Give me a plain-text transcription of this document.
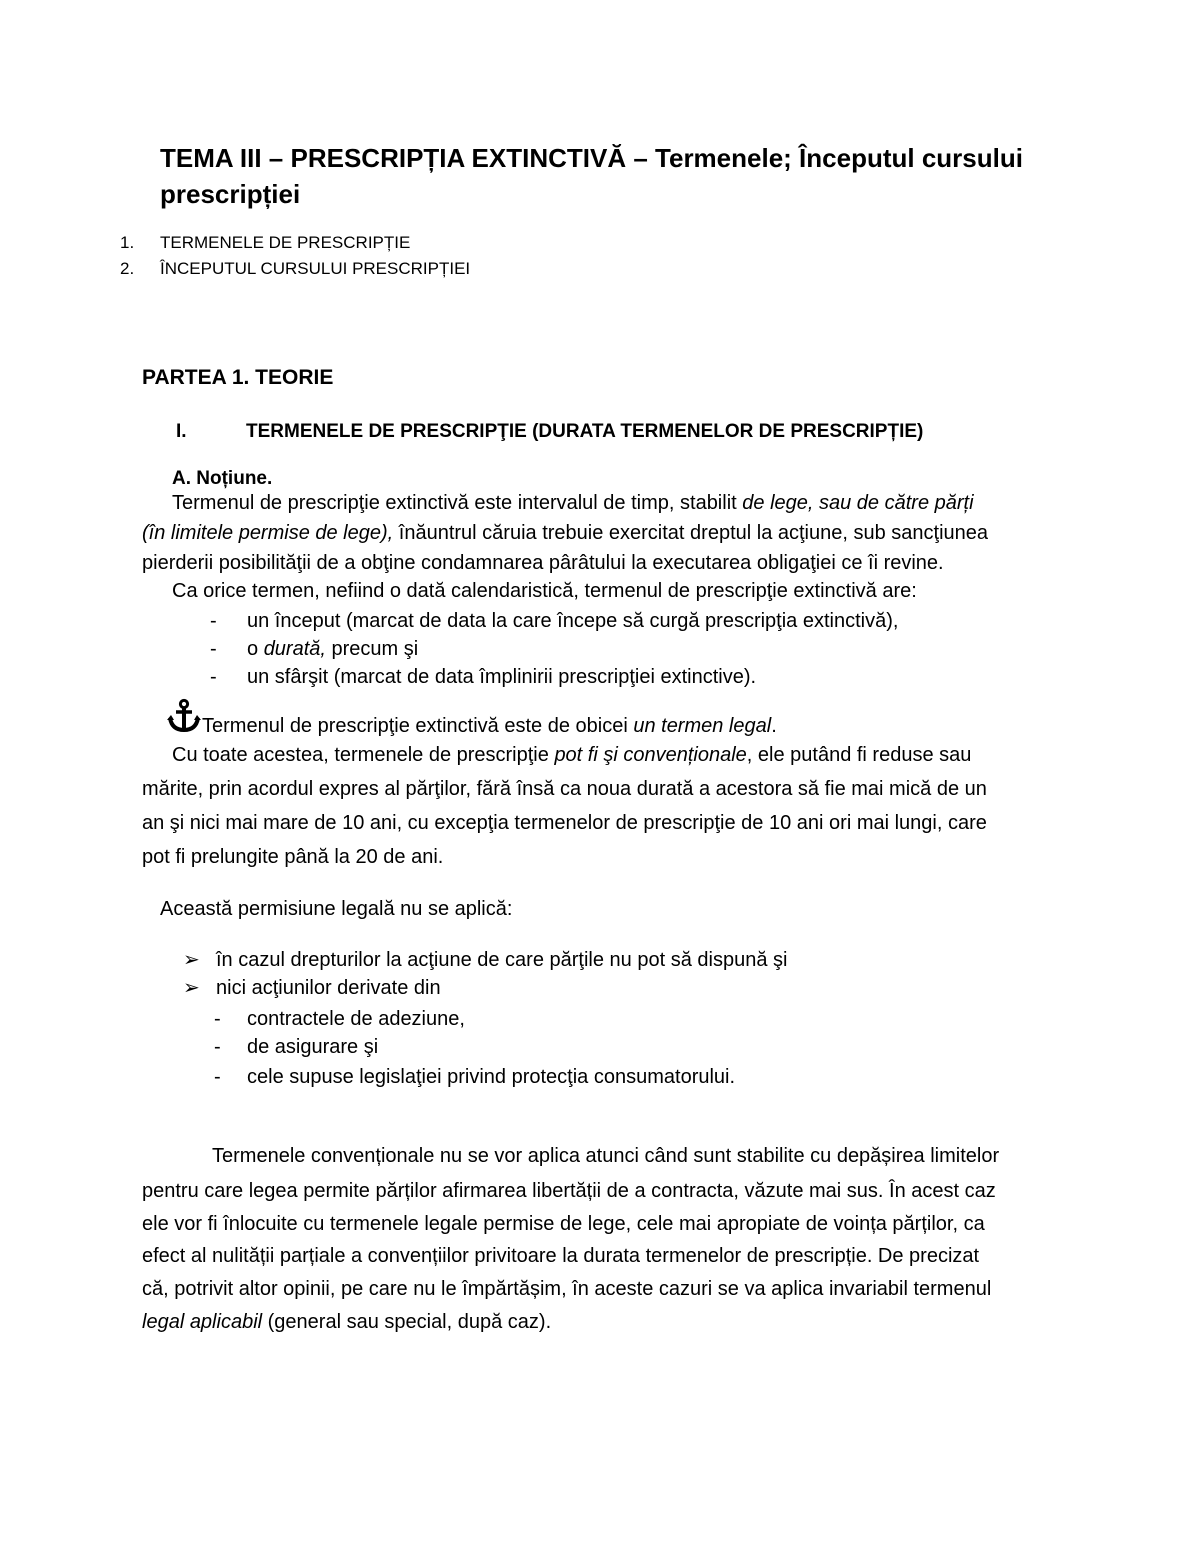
TEMA III – PRESCRIPȚIA EXTINCTIVĂ – Termenele; Începutul cursului
prescripției
1. TERMENELE DE PRESCRIPȚIE
2. ÎNCEPUTUL CURSULUI PRESCRIPȚIEI
PARTEA 1. TEORIE
I.	TERMENELE DE PRESCRIPŢIE (DURATA TERMENELOR DE PRESCRIPȚIE)
A. Noțiune.

Termenul de prescripţie extinctivă este intervalul de timp, stabilit de lege, sau de către părți

(în limitele permise de lege), înăuntrul căruia trebuie exercitat dreptul la acţiune, sub sancţiunea

pierderii posibilităţii de a obţine condamnarea pârâtului la executarea obligaţiei ce îi revine.

Ca orice termen, nefiind o dată calendaristică, termenul de prescripţie extinctivă are:

- un început (marcat de data la care începe să curgă prescripţia extinctivă),

- o durată, precum şi

- un sfârşit (marcat de data împlinirii prescripţiei extinctive).

Termenul de prescripţie extinctivă este de obicei un termen legal.

Cu toate acestea, termenele de prescripţie pot fi şi convenționale, ele putând fi reduse sau

mărite, prin acordul expres al părţilor, fără însă ca noua durată a acestora să fie mai mică de un

an şi nici mai mare de 10 ani, cu excepţia termenelor de prescripţie de 10 ani ori mai lungi, care

pot fi prelungite până la 20 de ani.

Această permisiune legală nu se aplică:

➢ în cazul drepturilor la acţiune de care părţile nu pot să dispună şi

➢ nici acţiunilor derivate din

- contractele de adeziune,

- de asigurare şi

- cele supuse legislaţiei privind protecţia consumatorului.

Termenele convenționale nu se vor aplica atunci când sunt stabilite cu depășirea limitelor

pentru care legea permite părților afirmarea libertății de a contracta, văzute mai sus. În acest caz

ele vor fi înlocuite cu termenele legale permise de lege, cele mai apropiate de voința părților, ca

efect al nulității parțiale a convențiilor privitoare la durata termenelor de prescripție. De precizat

că, potrivit altor opinii, pe care nu le împărtășim, în aceste cazuri se va aplica invariabil termenul

legal aplicabil (general sau special, după caz).
